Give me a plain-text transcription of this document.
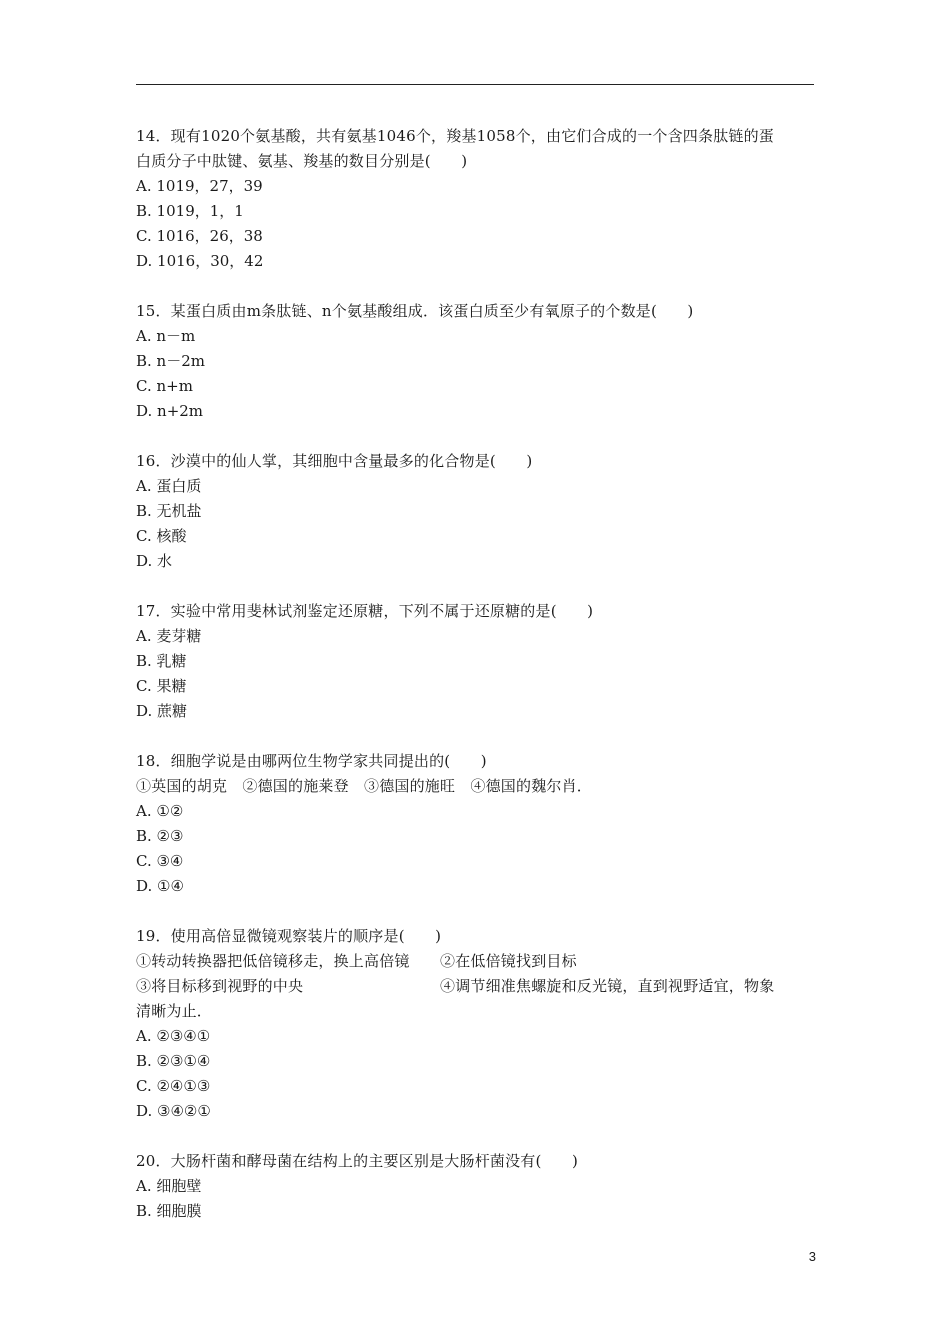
14．现有1020个氨基酸，共有氨基1046个，羧基1058个，由它们合成的一个含四条肽链的蛋
白质分子中肽键、氨基、羧基的数目分别是(　　)
A. 1019，27，39
B. 1019，1，1
C. 1016，26，38
D. 1016，30，42
15．某蛋白质由m条肽链、n个氨基酸组成．该蛋白质至少有氧原子的个数是(　　)
A. n－m
B. n－2m
C. n+m
D. n+2m
16．沙漠中的仙人掌，其细胞中含量最多的化合物是(　　)
A. 蛋白质
B. 无机盐
C. 核酸
D. 水
17．实验中常用斐林试剂鉴定还原糖，下列不属于还原糖的是(　　)
A. 麦芽糖
B. 乳糖
C. 果糖
D. 蔗糖
18．细胞学说是由哪两位生物学家共同提出的(　　)
①英国的胡克　②德国的施莱登　③德国的施旺　④德国的魏尔肖．
A. ①②
B. ②③
C. ③④
D. ①④
19．使用高倍显微镜观察装片的顺序是(　　)
①转动转换器把低倍镜移走，换上高倍镜　　②在低倍镜找到目标
③将目标移到视野的中央　　　　　　　　　④调节细准焦螺旋和反光镜，直到视野适宜，物象
清晰为止．
A. ②③④①
B. ②③①④
C. ②④①③
D. ③④②①
20．大肠杆菌和酵母菌在结构上的主要区别是大肠杆菌没有(　　)
A. 细胞壁
B. 细胞膜
3
